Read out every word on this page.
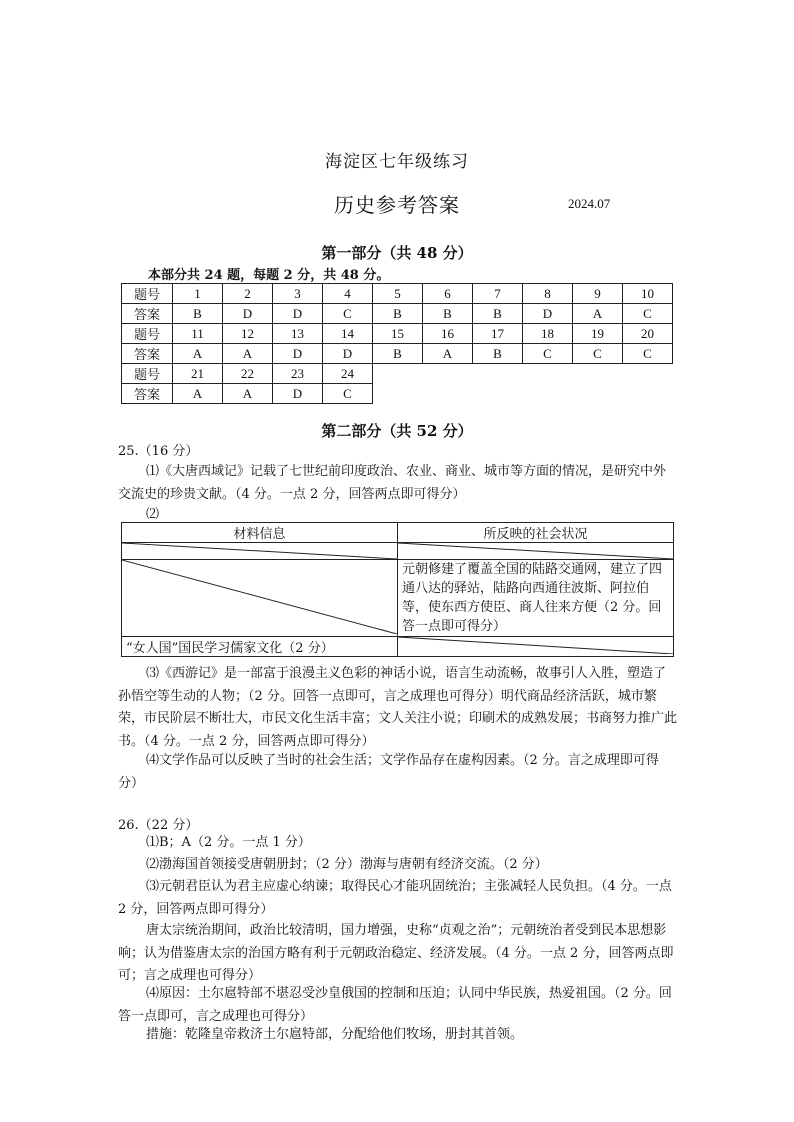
海淀区七年级练习
历史参考答案	2024.07
第一部分（共 48 分）
本部分共 24 题，每题 2 分，共 48 分。
题号	1	2	3	4	5	6	7	8	9	10
答案	B	D	D	C	B	B	B	D	A	C
题号	11	12	13	14	15	16	17	18	19	20
答案	A	A	D	D	B	A	B	C	C	C
题号	21	22	23	24						
答案	A	A	D	C						
第二部分（共 52 分）
25.（16 分）
⑴《大唐西域记》记载了七世纪前印度政治、农业、商业、城市等方面的情况，是研究中外交流史的珍贵文献。（4 分。一点 2 分，回答两点即可得分）
⑵
材料信息	所反映的社会状况

	元朝修建了覆盖全国的陆路交通网，建立了四通八达的驿站，陆路向西通往波斯、阿拉伯等，使东西方使臣、商人往来方便（2 分。回答一点即可得分）
“女人国”国民学习儒家文化（2 分）	
⑶《西游记》是一部富于浪漫主义色彩的神话小说，语言生动流畅，故事引人入胜，塑造了孙悟空等生动的人物；（2 分。回答一点即可，言之成理也可得分）明代商品经济活跃，城市繁荣，市民阶层不断壮大，市民文化生活丰富；文人关注小说；印刷术的成熟发展；书商努力推广此书。（4 分。一点 2 分，回答两点即可得分）
⑷文学作品可以反映了当时的社会生活；文学作品存在虚构因素。（2 分。言之成理即可得分）
26.（22 分）
⑴B；A（2 分。一点 1 分）
⑵渤海国首领接受唐朝册封；（2 分）渤海与唐朝有经济交流。（2 分）
⑶元朝君臣认为君主应虚心纳谏；取得民心才能巩固统治；主张减轻人民负担。（4 分。一点 2 分，回答两点即可得分）
唐太宗统治期间，政治比较清明，国力增强，史称“贞观之治”；元朝统治者受到民本思想影响；认为借鉴唐太宗的治国方略有利于元朝政治稳定、经济发展。（4 分。一点 2 分，回答两点即可；言之成理也可得分）
⑷原因：土尔扈特部不堪忍受沙皇俄国的控制和压迫；认同中华民族，热爱祖国。（2 分。回答一点即可，言之成理也可得分）
措施：乾隆皇帝救济土尔扈特部，分配给他们牧场，册封其首领。
